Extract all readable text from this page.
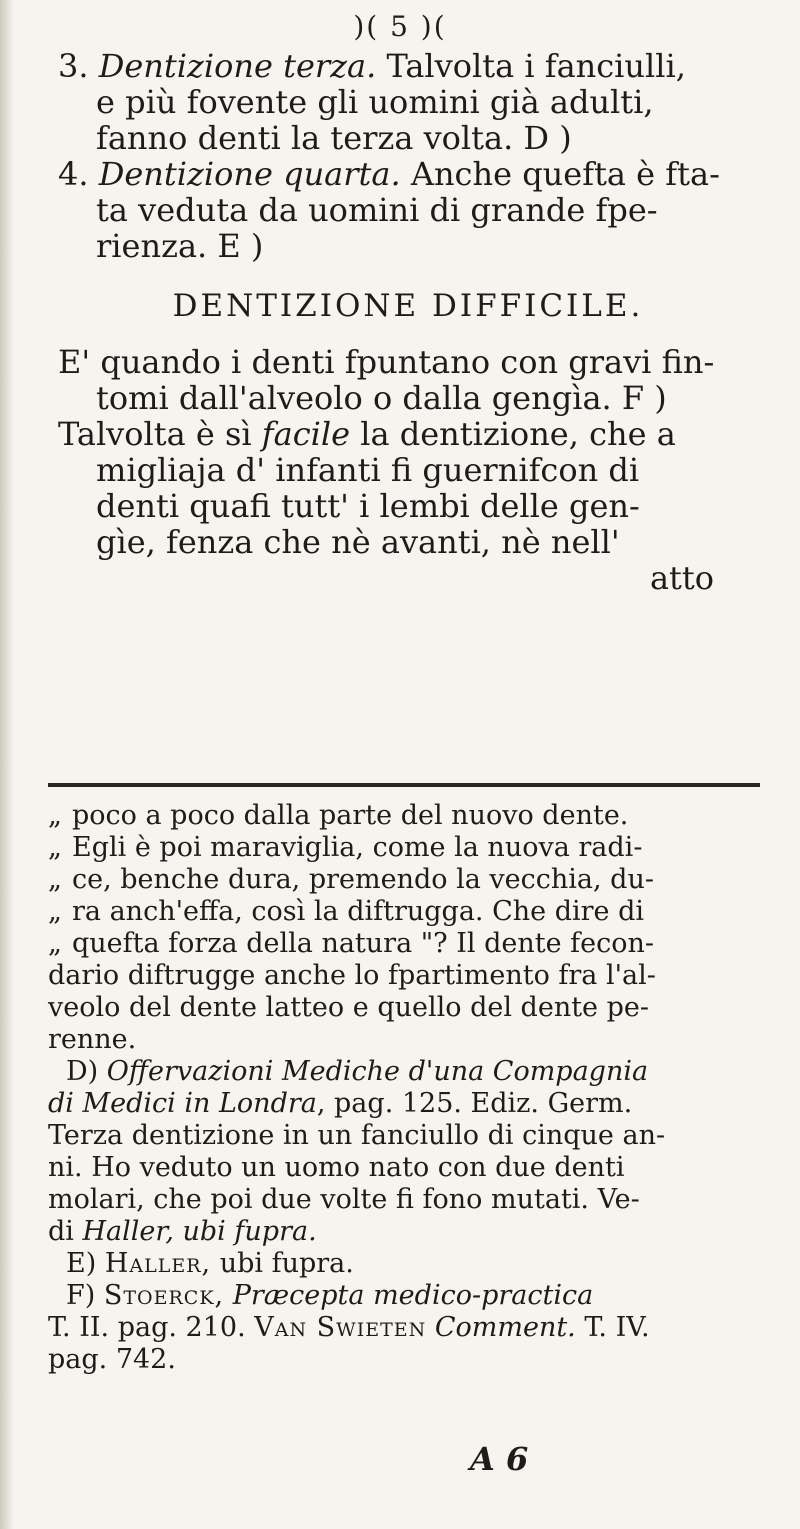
)( 5 )(

3. Dentizione terza. Talvolta i fanciulli,
e più fovente gli uomini già adulti,
fanno denti la terza volta. D )

4. Dentizione quarta. Anche quefta è fta-
ta veduta da uomini di grande fpe-
rienza. E )

DENTIZIONE DIFFICILE.

E' quando i denti fpuntano con gravi fin-
tomi dall'alveolo o dalla gengìa. F )
Talvolta è sì facile la dentizione, che a
migliaja d' infanti fi guernifcon di
denti quafi tutt' i lembi delle gen-
gìe, fenza che nè avanti, nè nell'

atto

„ poco a poco dalla parte del nuovo dente.

„ Egli è poi maraviglia, come la nuova radi-

„ ce, benche dura, premendo la vecchia, du-

„ ra anch'effa, così la diftrugga. Che dire di

„ quefta forza della natura "? Il dente fecon-

dario diftrugge anche lo fpartimento fra l'al-

veolo del dente latteo e quello del dente pe-

renne.

D) Offervazioni Mediche d'una Compagnia

di Medici in Londra, pag. 125. Ediz. Germ.

Terza dentizione in un fanciullo di cinque an-

ni. Ho veduto un uomo nato con due denti

molari, che poi due volte fi fono mutati. Ve-

di Haller, ubi fupra.

E) Haller, ubi fupra.

F) Stoerck, Præcepta medico-practica

T. II. pag. 210. Van Swieten Comment. T. IV.

pag. 742.

A 6
